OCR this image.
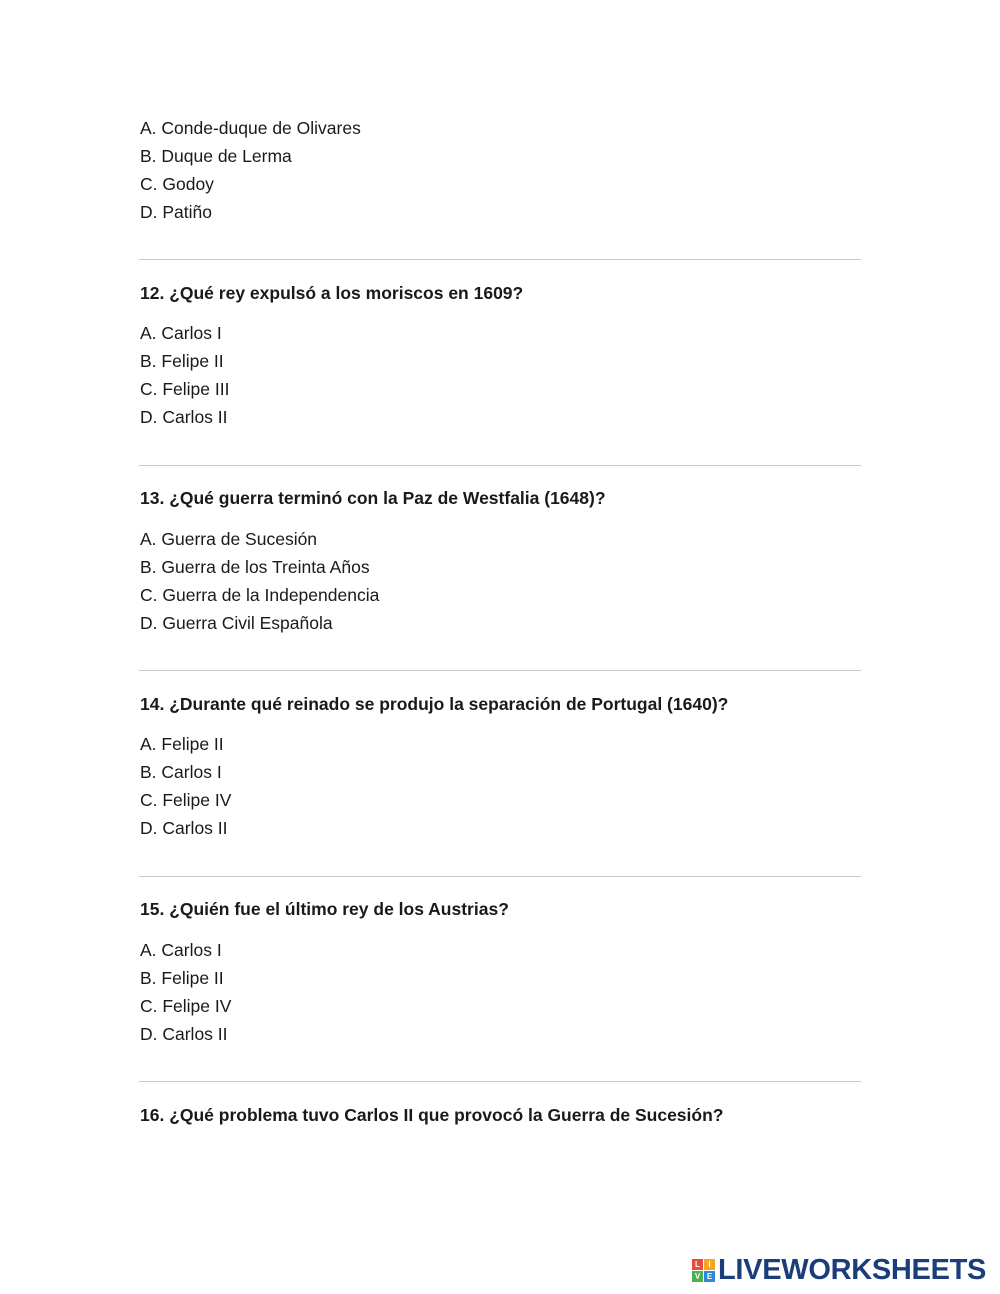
A. Conde-duque de Olivares
B. Duque de Lerma
C. Godoy
D. Patiño
12. ¿Qué rey expulsó a los moriscos en 1609?
A. Carlos I
B. Felipe II
C. Felipe III
D. Carlos II
13. ¿Qué guerra terminó con la Paz de Westfalia (1648)?
A. Guerra de Sucesión
B. Guerra de los Treinta Años
C. Guerra de la Independencia
D. Guerra Civil Española
14. ¿Durante qué reinado se produjo la separación de Portugal (1640)?
A. Felipe II
B. Carlos I
C. Felipe IV
D. Carlos II
15. ¿Quién fue el último rey de los Austrias?
A. Carlos I
B. Felipe II
C. Felipe IV
D. Carlos II
16. ¿Qué problema tuvo Carlos II que provocó la Guerra de Sucesión?
L	I
V E LIVEWORKSHEETS
